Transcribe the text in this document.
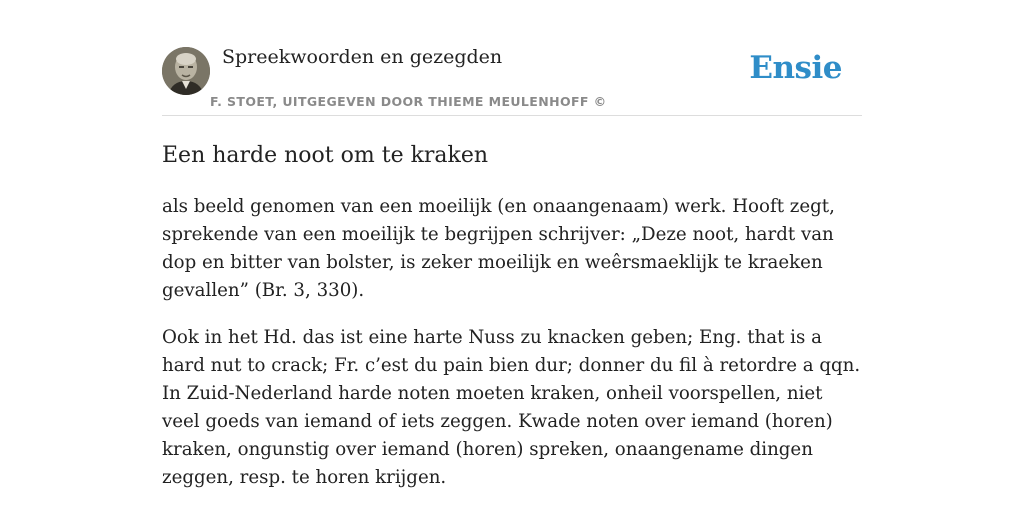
Spreekwoorden en gezegden
F. STOET, UITGEGEVEN DOOR THIEME MEULENHOFF ©
Ensie
Een harde noot om te kraken

als beeld genomen van een moeilijk (en onaangenaam) werk. Hooft zegt, sprekende van een moeilijk te begrijpen schrijver: „Deze noot, hardt van dop en bitter van bolster, is zeker moeilijk en weêrsmaeklijk te kraeken gevallen” (Br. 3, 330).

Ook in het Hd. das ist eine harte Nuss zu knacken geben; Eng. that is a hard nut to crack; Fr. c’est du pain bien dur; donner du fil à retordre a qqn. In Zuid-Nederland harde noten moeten kraken, onheil voorspellen, niet veel goeds van iemand of iets zeggen. Kwade noten over iemand (horen) kraken, ongunstig over iemand (horen) spreken, onaangename dingen zeggen, resp. te horen krijgen.
